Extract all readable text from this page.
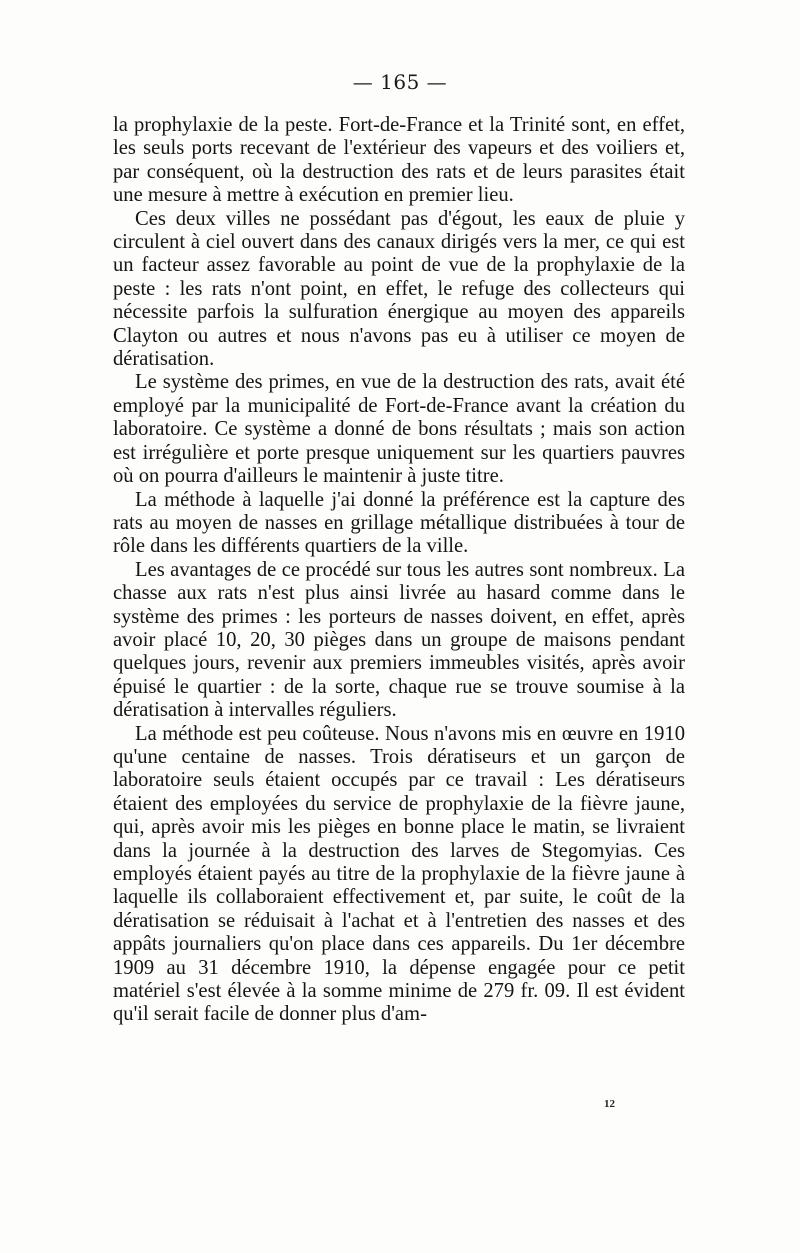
— 165 —

la prophylaxie de la peste. Fort-de-France et la Trinité sont, en effet, les seuls ports recevant de l'extérieur des vapeurs et des voiliers et, par conséquent, où la destruction des rats et de leurs parasites était une mesure à mettre à exécution en premier lieu.

Ces deux villes ne possédant pas d'égout, les eaux de pluie y circulent à ciel ouvert dans des canaux dirigés vers la mer, ce qui est un facteur assez favorable au point de vue de la prophylaxie de la peste : les rats n'ont point, en effet, le refuge des collecteurs qui nécessite parfois la sulfuration énergique au moyen des appareils Clayton ou autres et nous n'avons pas eu à utiliser ce moyen de dératisation.

Le système des primes, en vue de la destruction des rats, avait été employé par la municipalité de Fort-de-France avant la création du laboratoire. Ce système a donné de bons résultats ; mais son action est irrégulière et porte presque uniquement sur les quartiers pauvres où on pourra d'ailleurs le maintenir à juste titre.

La méthode à laquelle j'ai donné la préférence est la capture des rats au moyen de nasses en grillage métallique distribuées à tour de rôle dans les différents quartiers de la ville.

Les avantages de ce procédé sur tous les autres sont nombreux. La chasse aux rats n'est plus ainsi livrée au hasard comme dans le système des primes : les porteurs de nasses doivent, en effet, après avoir placé 10, 20, 30 pièges dans un groupe de maisons pendant quelques jours, revenir aux premiers immeubles visités, après avoir épuisé le quartier : de la sorte, chaque rue se trouve soumise à la dératisation à intervalles réguliers.

La méthode est peu coûteuse. Nous n'avons mis en œuvre en 1910 qu'une centaine de nasses. Trois dératiseurs et un garçon de laboratoire seuls étaient occupés par ce travail : Les dératiseurs étaient des employées du service de prophylaxie de la fièvre jaune, qui, après avoir mis les pièges en bonne place le matin, se livraient dans la journée à la destruction des larves de Stegomyias. Ces employés étaient payés au titre de la prophylaxie de la fièvre jaune à laquelle ils collaboraient effectivement et, par suite, le coût de la dératisation se réduisait à l'achat et à l'entretien des nasses et des appâts journaliers qu'on place dans ces appareils. Du 1er décembre 1909 au 31 décembre 1910, la dépense engagée pour ce petit matériel s'est élevée à la somme minime de 279 fr. 09. Il est évident qu'il serait facile de donner plus d'am-

12
